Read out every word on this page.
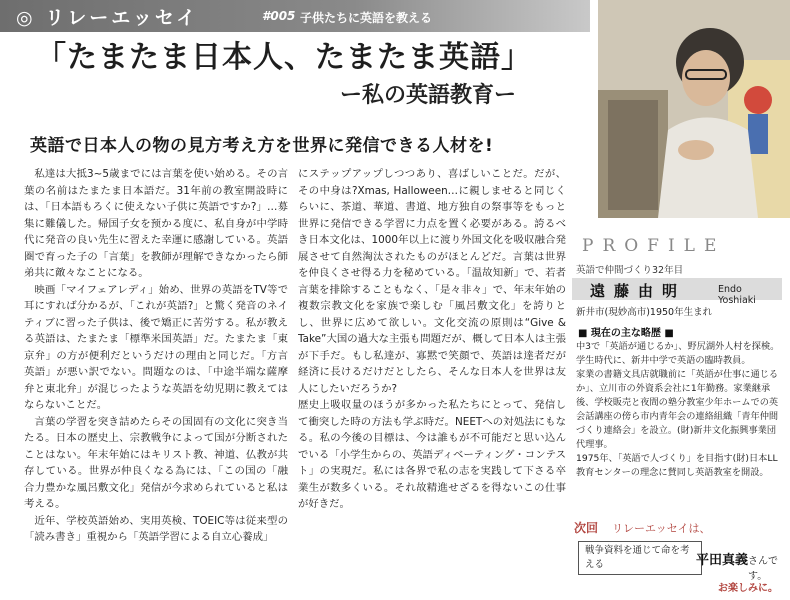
◎ リレーエッセイ	#005 子供たちに英語を教える
「たまたま日本人、たまたま英語」
ー私の英語教育ー
英語で日本人の物の見方考え方を世界に発信できる人材を!

私達は大抵3~5歳までには言葉を使い始める。その言葉の名前はたまたま日本語だ。31年前の教室開設時には、「日本語もろくに使えない子供に英語ですか?」…募集に難儀した。帰国子女を预かる度に、私自身が中学時代に発音の良い先生に習えた幸運に感謝している。英語圏で育った子の「言葉」を教師が理解できなかったら師弟共に敵々なことになる。

映画「マイフェアレディ」始め、世界の英語をTV等で耳にすれば分かるが、「これが英語?」と驚く発音のネイティブに習った子供は、後で矯正に苦労する。私が教える英語は、たまたま「標準米国英語」だ。たまたま「東京弁」の方が便利だというだけの理由と同じだ。「方言英語」が悪い訳でない。問題なのは、「中途半端な薩摩弁と東北弁」が混じったような英語を幼児期に教えてはならないことだ。

言葉の学習を突き詰めたらその国固有の文化に突き当たる。日本の歴史上、宗教戦争によって国が分断されたことはない。年末年始にはキリスト教、神道、仏教が共存している。世界が仲良くなる為には、「この国の「融合力豊かな風呂敷文化」発信が今求められていると私は考える。

近年、学校英語始め、実用英検、TOEIC等は従来型の「読み書き」重視から「英語学習による自立心養成」

にステップアップしつつあり、喜ばしいことだ。だが、その中身は?Xmas, Halloween…に親しませると同じくらいに、茶道、華道、書道、地方独自の祭事等をもっと世界に発信できる学習に力点を置く必要がある。誇るべき日本文化は、1000年以上に渡り外国文化を吸収融合発展させて自然淘汰されたものがほとんどだ。言葉は世界を仲良くさせ得る力を秘めている。「温故知新」で、若者言葉を排除することもなく、「是々非々」で、年末年始の複数宗教文化を家族で楽しむ「風呂敷文化」を誇りとし、世界に広めて欲しい。文化交流の原則は“Give & Take”大国の過大な主張も問題だが、概して日本人は主張が下手だ。もし私達が、寡黙で笑顔で、英語は達者だが経済に長けるだけだとしたら、そんな日本人を世界は友人にしたいだろうか?

歴史上吸収量のほうが多かった私たちにとって、発信して衝突した時の方法も学ぶ時だ。NEETへの対処法にもなる。私の今後の目標は、今は誰もが不可能だと思い込んでいる「小学生からの、英語ディベーティング・コンテスト」の実現だ。私には各界で私の志を実践して下さる卒業生が数多くいる。それ故精進せざるを得ないこの仕事が好きだ。

PROFILE
英語で仲間づくり32年目
遠藤由明	Endo Yoshiaki
新井市(現妙高市)1950年生まれ
■ 現在の主な略歴 ■

中3で「英語が通じるか」、野尻湖外人村を探検。

学生時代に、新井中学で英語の臨時教員。

家業の書籍文具店就職前に「英語が仕事に通じるか」、立川市の外資系会社に1年勤務。家業継承後、学校販売と夜間の塾分教室少年ホームでの英会話講座の傍ら市内青年会の連絡組織「青年仲間づくり連絡会」を設立。(財)新井文化振興事業団代理事。

1975年、「英語で人づくり」を目指す(財)日本LL教育センターの理念に賛同し英語教室を開設。

次回 リレーエッセイは、
戦争資料を通じて命を考える	平田真義 さんです。
お楽しみに。
